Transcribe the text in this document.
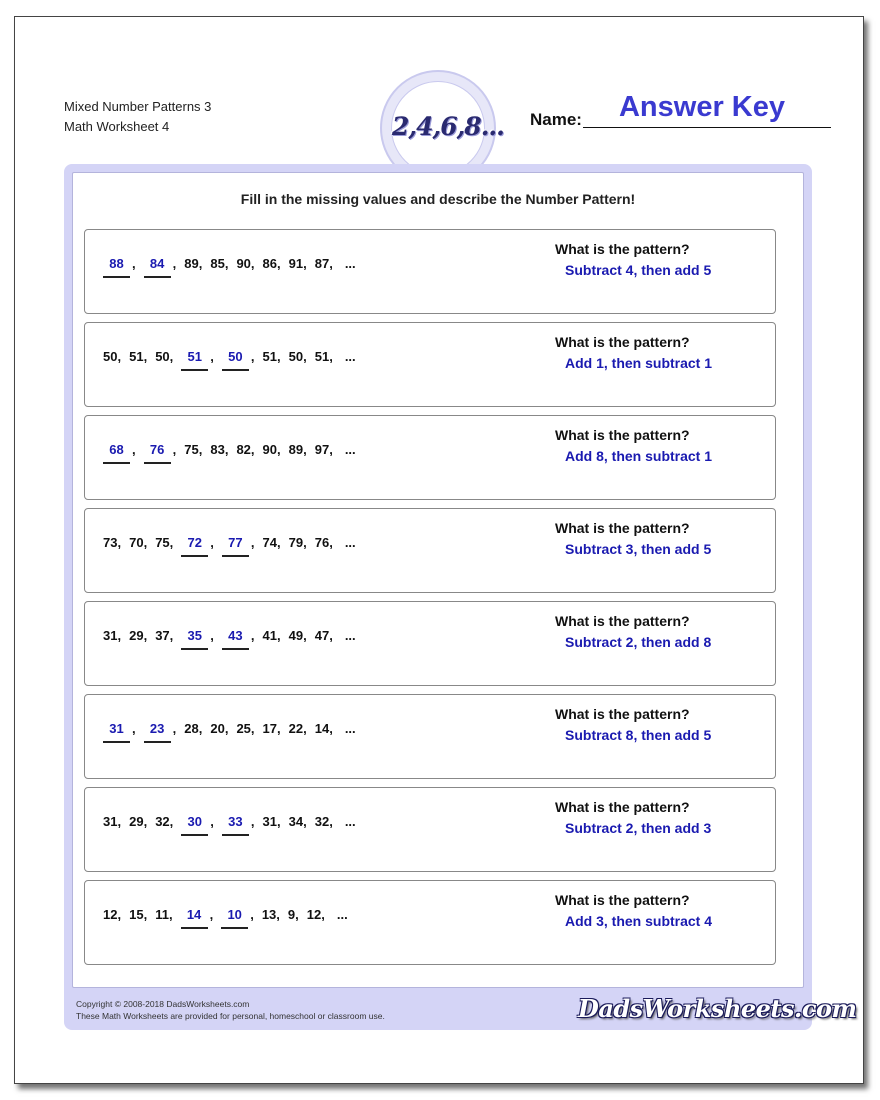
Mixed Number Patterns 3
Math Worksheet 4	2,4,6,8... Name:	Answer Key
Fill in the missing values and describe the Number Pattern!
88 , 84 , 89, 85, 90, 86, 91, 87, ...
What is the pattern?
Subtract 4, then add 5
50, 51, 50, 51 , 50 , 51, 50, 51, ...
What is the pattern?
Add 1, then subtract 1
68 , 76 , 75, 83, 82, 90, 89, 97, ...
What is the pattern?
Add 8, then subtract 1
73, 70, 75, 72 , 77 , 74, 79, 76, ...
What is the pattern?
Subtract 3, then add 5
31, 29, 37, 35 , 43 , 41, 49, 47, ...
What is the pattern?
Subtract 2, then add 8
31 , 23 , 28, 20, 25, 17, 22, 14, ...
What is the pattern?
Subtract 8, then add 5
31, 29, 32, 30 , 33 , 31, 34, 32, ...
What is the pattern?
Subtract 2, then add 3
12, 15, 11, 14 , 10 , 13, 9, 12, ...
What is the pattern?
Add 3, then subtract 4
Copyright © 2008-2018 DadsWorksheets.com
These Math Worksheets are provided for personal, homeschool or classroom use.	DadsWorksheets.com
